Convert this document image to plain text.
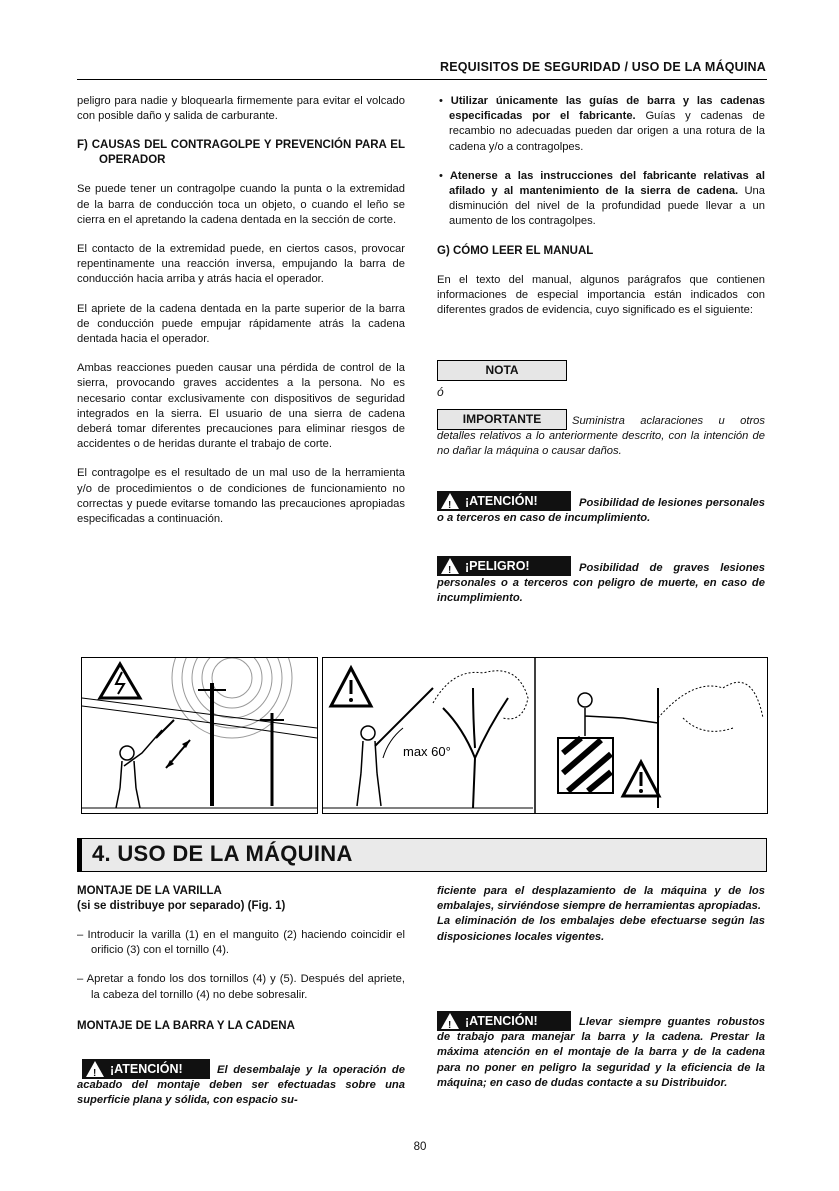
REQUISITOS DE SEGURIDAD / USO DE LA MÁQUINA

peligro para nadie y bloquearla firmemente para evitar el volcado con posible daño y salida de carburante.

F) CAUSAS DEL CONTRAGOLPE Y PREVENCIÓN PARA EL OPERADOR

Se puede tener un contragolpe cuando la punta o la extremidad de la barra de conducción toca un objeto, o cuando el leño se cierra en el apretando la cadena dentada en la sección de corte.

El contacto de la extremidad puede, en ciertos casos, provocar repentinamente una reacción inversa, empujando la barra de conducción hacia arriba y atrás hacia el operador.

El apriete de la cadena dentada en la parte superior de la barra de conducción puede empujar rápidamente atrás la cadena dentada hacia el operador.

Ambas reacciones pueden causar una pérdida de control de la sierra, provocando graves accidentes a la persona. No es necesario contar exclusivamente con dispositivos de seguridad integrados en la sierra. El usuario de una sierra de cadena deberá tomar diferentes precauciones para eliminar riesgos de accidentes o de heridas durante el trabajo de corte.

El contragolpe es el resultado de un mal uso de la herramienta y/o de procedimientos o de condiciones de funcionamiento no correctas y puede evitarse tomando las precauciones apropiadas especificadas a continuación.

• Utilizar únicamente las guías de barra y las cadenas especificadas por el fabricante. Guías y cadenas de recambio no adecuadas pueden dar origen a una rotura de la cadena y/o a contragolpes.

• Atenerse a las instrucciones del fabricante relativas al afilado y al mantenimiento de la sierra de cadena. Una disminución del nivel de la profundidad puede llevar a un aumento de los contragolpes.

G) CÓMO LEER EL MANUAL

En el texto del manual, algunos parágrafos que contienen informaciones de especial importancia están indicados con diferentes grados de evidencia, cuyo significado es el siguiente:

NOTA
ó
IMPORTANTE	Suministra aclaraciones u otros detalles relativos a lo anteriormente descrito, con la intención de no dañar la máquina o causar daños.
!
¡ATENCIÓN!	Posibilidad de lesiones personales o a terceros en caso de incumplimiento.
!
¡PELIGRO!	Posibilidad de graves lesiones personales o a terceros con peligro de muerte, en caso de incumplimiento.
max 60°
4. USO DE LA MÁQUINA
MONTAJE DE LA VARILLA
(si se distribuye por separado) (Fig. 1)

– Introducir la varilla (1) en el manguito (2) haciendo coincidir el orificio (3) con el tornillo (4).

– Apretar a fondo los dos tornillos (4) y (5). Después del apriete, la cabeza del tornillo (4) no debe sobresalir.

MONTAJE DE LA BARRA Y LA CADENA
!
¡ATENCIÓN!	El desembalaje y la operación de acabado del montaje deben ser efectuadas sobre una superficie plana y sólida, con espacio su-
ficiente para el desplazamiento de la máquina y de los embalajes, sirviéndose siempre de herramientas apropiadas.
La eliminación de los embalajes debe efectuarse según las disposiciones locales vigentes.
!
¡ATENCIÓN!	Llevar siempre guantes robustos de trabajo para manejar la barra y la cadena. Prestar la máxima atención en el montaje de la barra y de la cadena para no poner en peligro la seguridad y la eficiencia de la máquina; en caso de dudas contacte a su Distribuidor.
80
